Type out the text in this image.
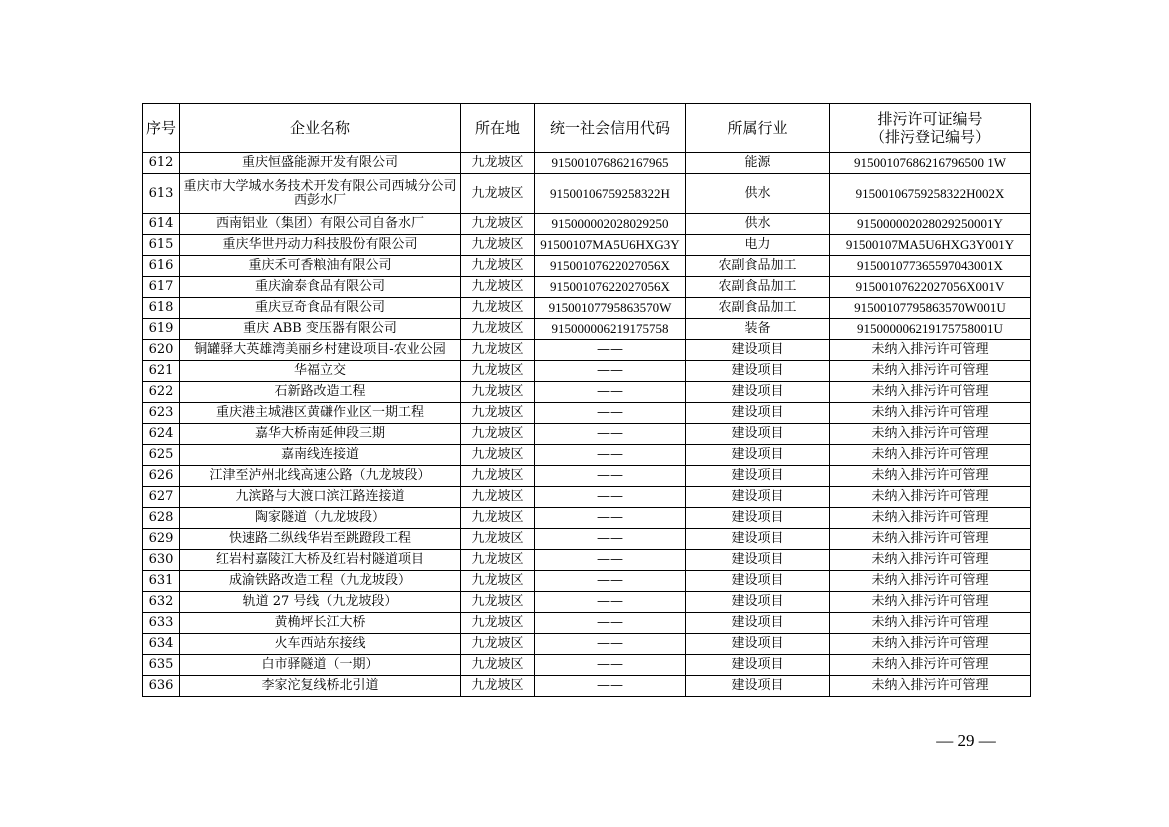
序号	企业名称	所在地	统一社会信用代码	所属行业	排污许可证编号
（排污登记编号）

612	重庆恒盛能源开发有限公司	九龙坡区	915001076862167965	能源	91500107686216796500 1W
613	重庆市大学城水务技术开发有限公司西城分公司西彭水厂	九龙坡区	91500106759258322H	供水	91500106759258322H002X
614	西南铝业（集团）有限公司自备水厂	九龙坡区	915000002028029250	供水	915000002028029250001Y
615	重庆华世丹动力科技股份有限公司	九龙坡区	91500107MA5U6HXG3Y	电力	91500107MA5U6HXG3Y001Y
616	重庆禾可香粮油有限公司	九龙坡区	91500107622027056X	农副食品加工	915001077365597043001X
617	重庆渝泰食品有限公司	九龙坡区	91500107622027056X	农副食品加工	91500107622027056X001V
618	重庆豆奇食品有限公司	九龙坡区	91500107795863570W	农副食品加工	91500107795863570W001U
619	重庆 ABB 变压器有限公司	九龙坡区	915000006219175758	装备	915000006219175758001U
620	铜罐驿大英雄湾美丽乡村建设项目-农业公园	九龙坡区	——	建设项目	未纳入排污许可管理
621	华福立交	九龙坡区	——	建设项目	未纳入排污许可管理
622	石新路改造工程	九龙坡区	——	建设项目	未纳入排污许可管理
623	重庆港主城港区黄磏作业区一期工程	九龙坡区	——	建设项目	未纳入排污许可管理
624	嘉华大桥南延伸段三期	九龙坡区	——	建设项目	未纳入排污许可管理
625	嘉南线连接道	九龙坡区	——	建设项目	未纳入排污许可管理
626	江津至泸州北线高速公路（九龙坡段）	九龙坡区	——	建设项目	未纳入排污许可管理
627	九滨路与大渡口滨江路连接道	九龙坡区	——	建设项目	未纳入排污许可管理
628	陶家隧道（九龙坡段）	九龙坡区	——	建设项目	未纳入排污许可管理
629	快速路二纵线华岩至跳蹬段工程	九龙坡区	——	建设项目	未纳入排污许可管理
630	红岩村嘉陵江大桥及红岩村隧道项目	九龙坡区	——	建设项目	未纳入排污许可管理
631	成渝铁路改造工程（九龙坡段）	九龙坡区	——	建设项目	未纳入排污许可管理
632	轨道 27 号线（九龙坡段）	九龙坡区	——	建设项目	未纳入排污许可管理
633	黄桷坪长江大桥	九龙坡区	——	建设项目	未纳入排污许可管理
634	火车西站东接线	九龙坡区	——	建设项目	未纳入排污许可管理
635	白市驿隧道（一期）	九龙坡区	——	建设项目	未纳入排污许可管理
636	李家沱复线桥北引道	九龙坡区	——	建设项目	未纳入排污许可管理
— 29 —
